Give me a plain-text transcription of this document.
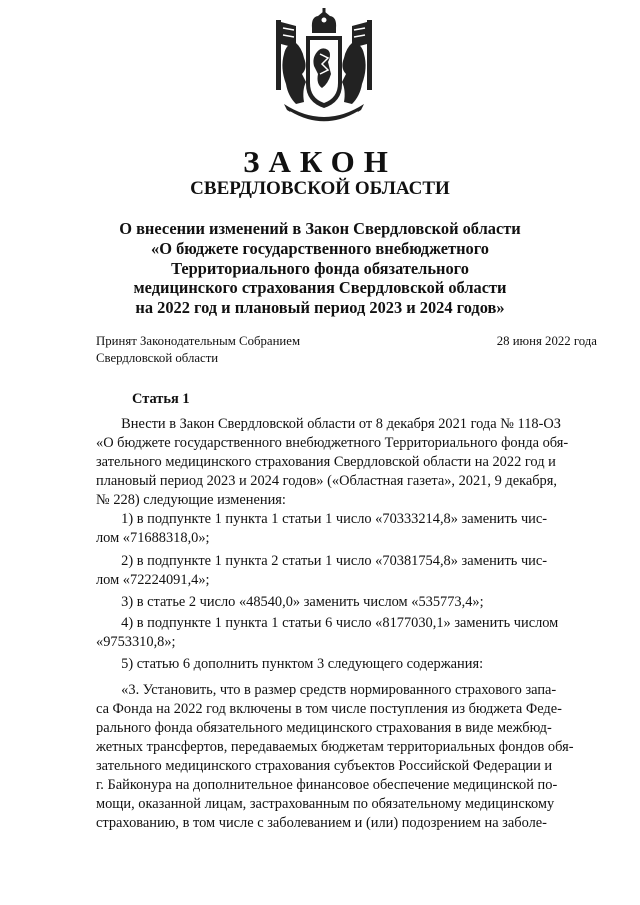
ЗАКОН
СВЕРДЛОВСКОЙ ОБЛАСТИ

О внесении изменений в Закон Свердловской области
«О бюджете государственного внебюджетного
Территориального фонда обязательного
медицинского страхования Свердловской области
на 2022 год и плановый период 2023 и 2024 годов»

Принят Законодательным Собранием
Свердловской области

28 июня 2022 года

Статья 1

Внести в Закон Свердловской области от 8 декабря 2021 года № 118-ОЗ
«О бюджете государственного внебюджетного Территориального фонда обя-
зательного медицинского страхования Свердловской области на 2022 год и
плановый период 2023 и 2024 годов» («Областная газета», 2021, 9 декабря,
№ 228) следующие изменения:

1) в подпункте 1 пункта 1 статьи 1 число «70333214,8» заменить чис-
лом «71688318,0»;

2) в подпункте 1 пункта 2 статьи 1 число «70381754,8» заменить чис-
лом «72224091,4»;

3) в статье 2 число «48540,0» заменить числом «535773,4»;

4) в подпункте 1 пункта 1 статьи 6 число «8177030,1» заменить числом
«9753310,8»;

5) статью 6 дополнить пунктом 3 следующего содержания:

«3. Установить, что в размер средств нормированного страхового запа-
са Фонда на 2022 год включены в том числе поступления из бюджета Феде-
рального фонда обязательного медицинского страхования в виде межбюд-
жетных трансфертов, передаваемых бюджетам территориальных фондов обя-
зательного медицинского страхования субъектов Российской Федерации и
г. Байконура на дополнительное финансовое обеспечение медицинской по-
мощи, оказанной лицам, застрахованным по обязательному медицинскому
страхованию, в том числе с заболеванием и (или) подозрением на заболе-
